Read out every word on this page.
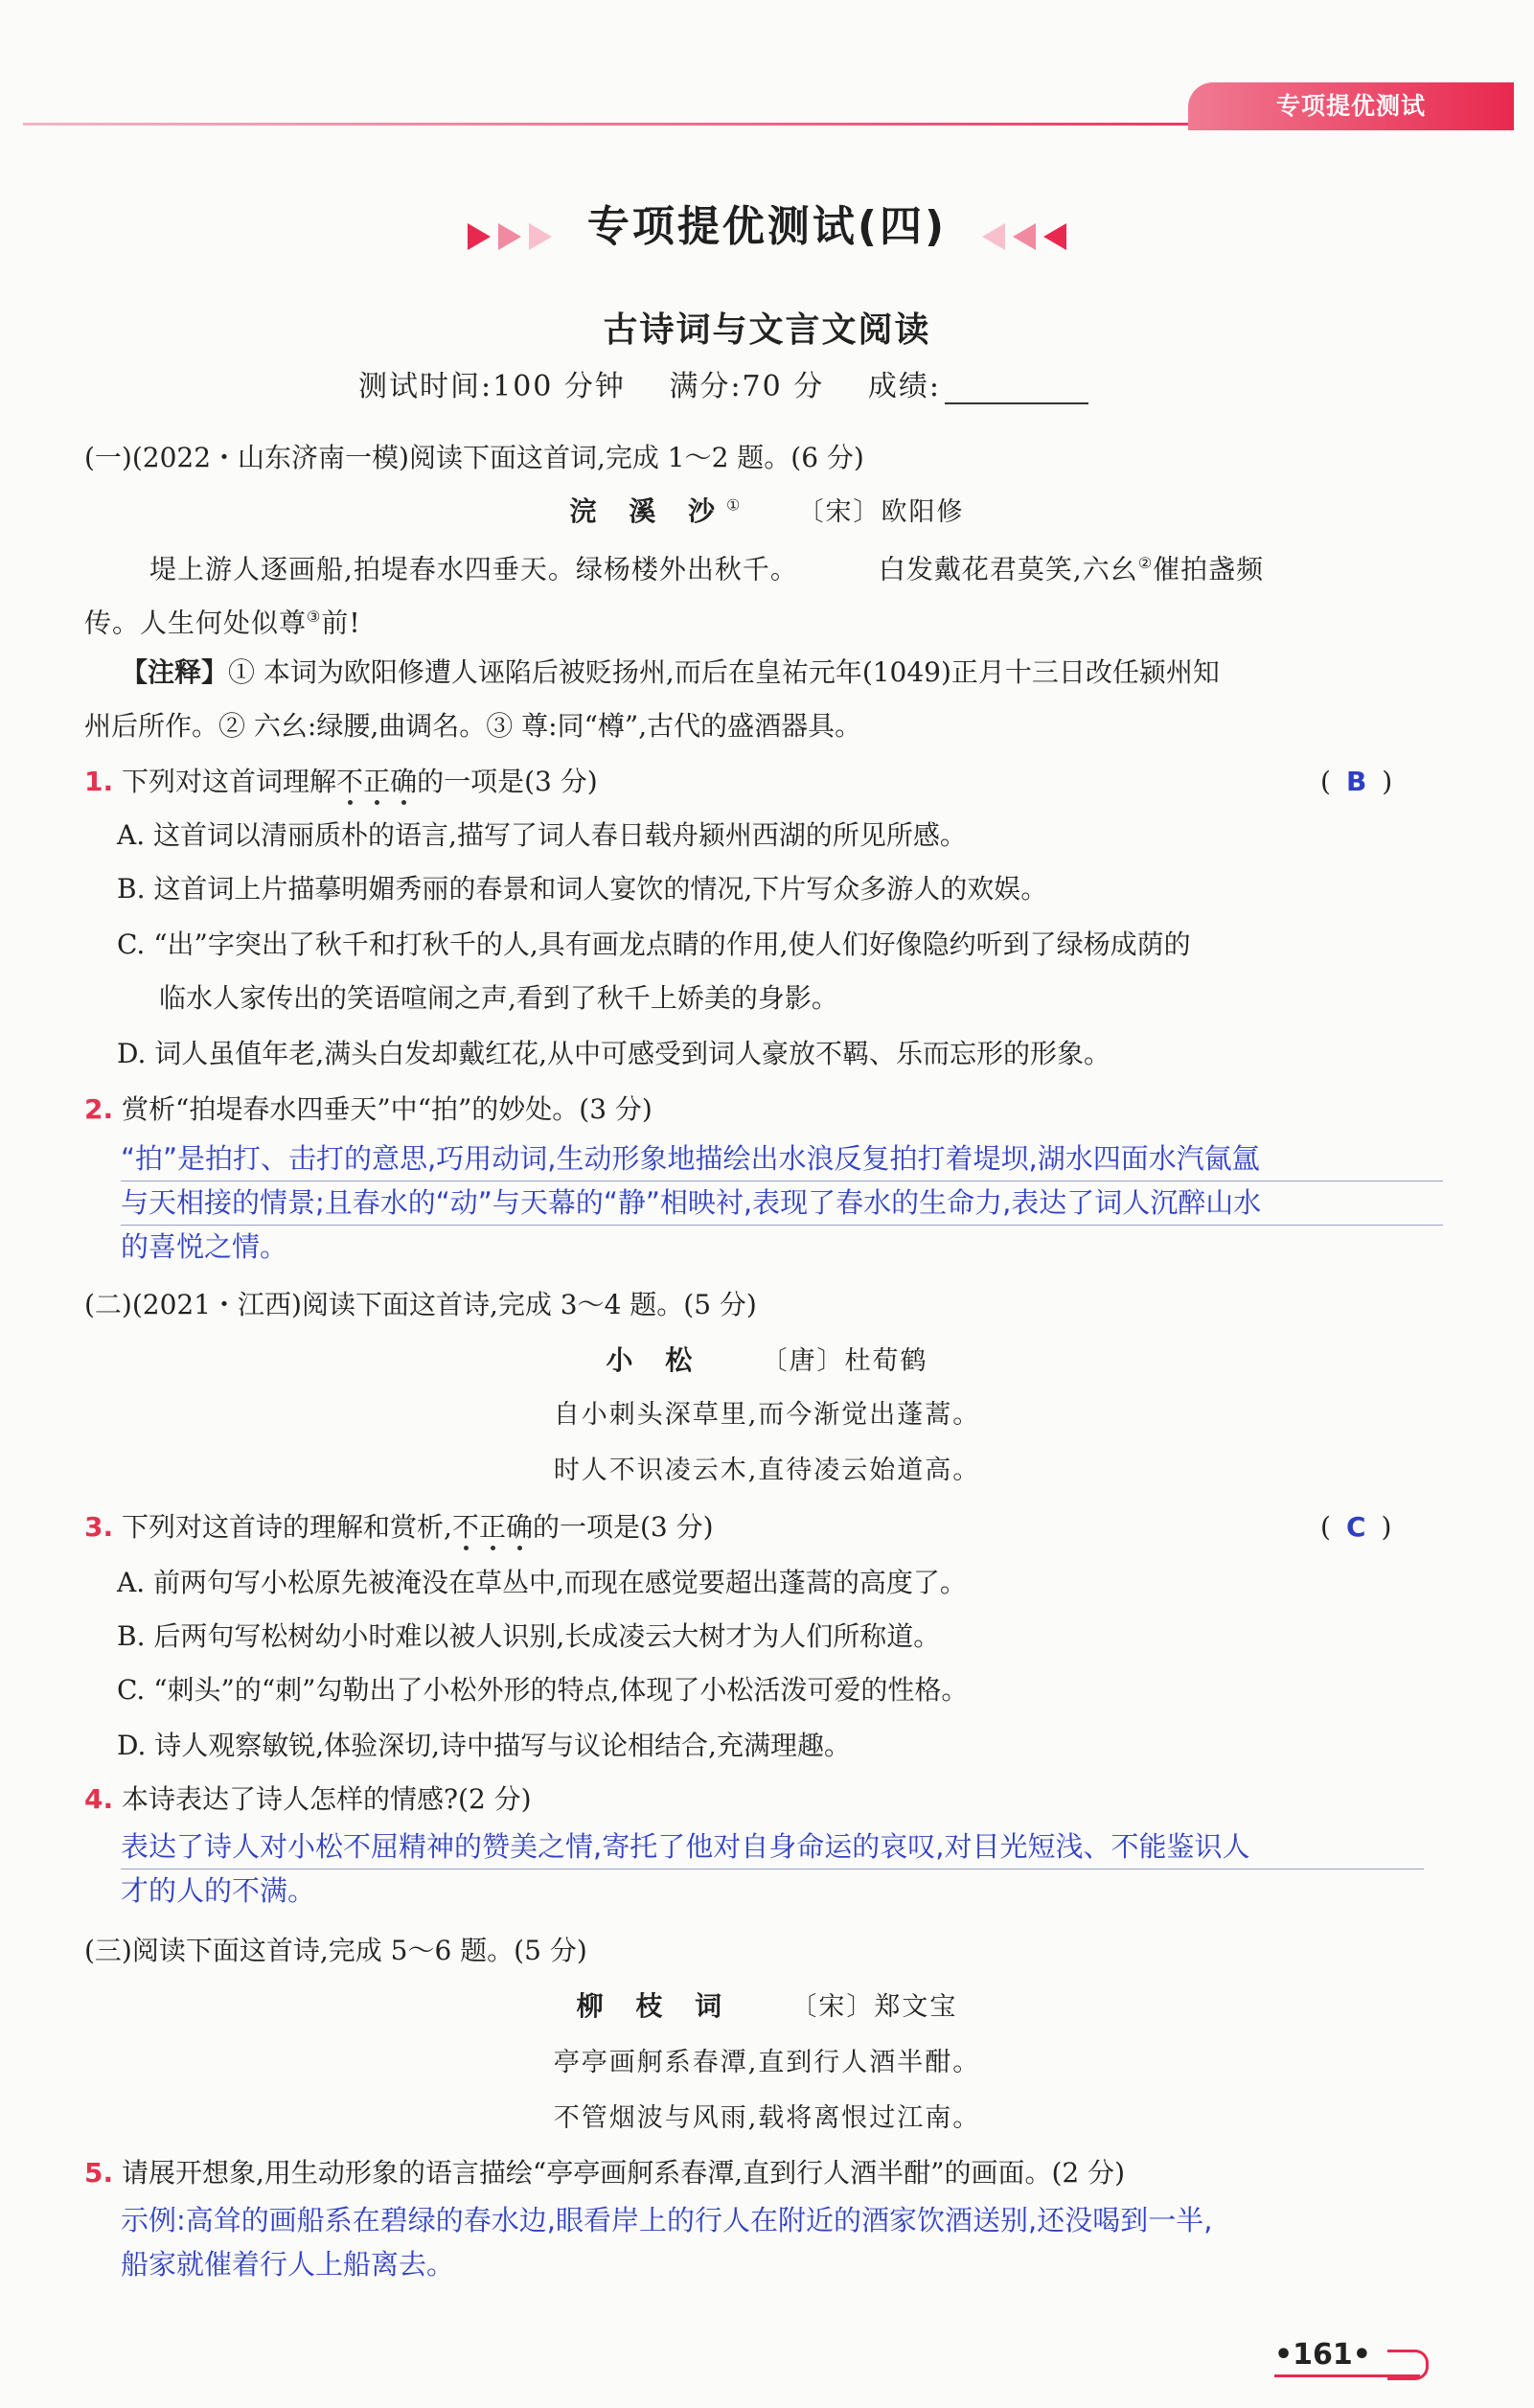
专项提优测试
专项提优测试(四)
古诗词与文言文阅读
测试时间:100 分钟 满分:70 分 成绩:
(一)(2022・山东济南一模)阅读下面这首词,完成 1～2 题。(6 分)
浣 溪 沙① 〔宋〕欧阳修
堤上游人逐画船,拍堤春水四垂天。绿杨楼外出秋千。	白发戴花君莫笑,六幺②催拍盏频
传。人生何处似尊③前!
【注释】① 本词为欧阳修遭人诬陷后被贬扬州,而后在皇祐元年(1049)正月十三日改任颍州知
州后所作。② 六幺:绿腰,曲调名。③ 尊:同“樽”,古代的盛酒器具。
1. 下列对这首词理解不正确的一项是(3 分)	( B )
A. 这首词以清丽质朴的语言,描写了词人春日载舟颍州西湖的所见所感。
B. 这首词上片描摹明媚秀丽的春景和词人宴饮的情况,下片写众多游人的欢娱。
C. “出”字突出了秋千和打秋千的人,具有画龙点睛的作用,使人们好像隐约听到了绿杨成荫的
临水人家传出的笑语喧闹之声,看到了秋千上娇美的身影。
D. 词人虽值年老,满头白发却戴红花,从中可感受到词人豪放不羁、乐而忘形的形象。
2. 赏析“拍堤春水四垂天”中“拍”的妙处。(3 分)
“拍”是拍打、击打的意思,巧用动词,生动形象地描绘出水浪反复拍打着堤坝,湖水四面水汽氤氲
与天相接的情景;且春水的“动”与天幕的“静”相映衬,表现了春水的生命力,表达了词人沉醉山水
的喜悦之情。
(二)(2021・江西)阅读下面这首诗,完成 3～4 题。(5 分)
小 松 〔唐〕杜荀鹤
自小刺头深草里,而今渐觉出蓬蒿。
时人不识凌云木,直待凌云始道高。
3. 下列对这首诗的理解和赏析,不正确的一项是(3 分)	( C )
A. 前两句写小松原先被淹没在草丛中,而现在感觉要超出蓬蒿的高度了。
B. 后两句写松树幼小时难以被人识别,长成凌云大树才为人们所称道。
C. “刺头”的“刺”勾勒出了小松外形的特点,体现了小松活泼可爱的性格。
D. 诗人观察敏锐,体验深切,诗中描写与议论相结合,充满理趣。
4. 本诗表达了诗人怎样的情感?(2 分)
表达了诗人对小松不屈精神的赞美之情,寄托了他对自身命运的哀叹,对目光短浅、不能鉴识人
才的人的不满。
(三)阅读下面这首诗,完成 5～6 题。(5 分)
柳 枝 词 〔宋〕郑文宝
亭亭画舸系春潭,直到行人酒半酣。
不管烟波与风雨,载将离恨过江南。
5. 请展开想象,用生动形象的语言描绘“亭亭画舸系春潭,直到行人酒半酣”的画面。(2 分)
示例:高耸的画船系在碧绿的春水边,眼看岸上的行人在附近的酒家饮酒送别,还没喝到一半,
船家就催着行人上船离去。
•161•
